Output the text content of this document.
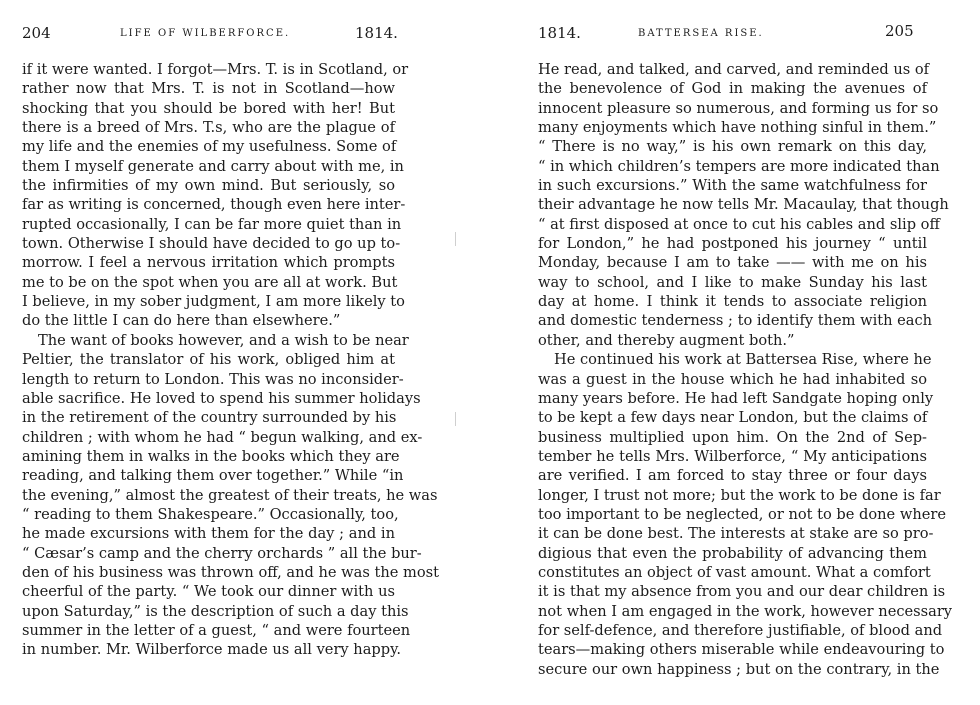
204	LIFE OF WILBERFORCE.	1814.
if it were wanted. I forgot—Mrs. T. is in Scotland, or
rather now that Mrs. T. is not in Scotland—how
shocking that you should be bored with her! But
there is a breed of Mrs. T.s, who are the plague of
my life and the enemies of my usefulness. Some of
them I myself generate and carry about with me, in
the infirmities of my own mind. But seriously, so
far as writing is concerned, though even here inter-
rupted occasionally, I can be far more quiet than in
town. Otherwise I should have decided to go up to-
morrow. I feel a nervous irritation which prompts
me to be on the spot when you are all at work. But
I believe, in my sober judgment, I am more likely to
do the little I can do here than elsewhere.”
The want of books however, and a wish to be near
Peltier, the translator of his work, obliged him at
length to return to London. This was no inconsider-
able sacrifice. He loved to spend his summer holidays
in the retirement of the country surrounded by his
children ; with whom he had “ begun walking, and ex-
amining them in walks in the books which they are
reading, and talking them over together.” While “in
the evening,” almost the greatest of their treats, he was
“ reading to them Shakespeare.” Occasionally, too,
he made excursions with them for the day ; and in
“ Cæsar’s camp and the cherry orchards ” all the bur-
den of his business was thrown off, and he was the most
cheerful of the party. “ We took our dinner with us
upon Saturday,” is the description of such a day this
summer in the letter of a guest, “ and were fourteen
in number. Mr. Wilberforce made us all very happy.
1814.	BATTERSEA RISE.	205
He read, and talked, and carved, and reminded us of
the benevolence of God in making the avenues of
innocent pleasure so numerous, and forming us for so
many enjoyments which have nothing sinful in them.”
“ There is no way,” is his own remark on this day,
“ in which children’s tempers are more indicated than
in such excursions.” With the same watchfulness for
their advantage he now tells Mr. Macaulay, that though
“ at first disposed at once to cut his cables and slip off
for London,” he had postponed his journey “ until
Monday, because I am to take —— with me on his
way to school, and I like to make Sunday his last
day at home. I think it tends to associate religion
and domestic tenderness ; to identify them with each
other, and thereby augment both.”
He continued his work at Battersea Rise, where he
was a guest in the house which he had inhabited so
many years before. He had left Sandgate hoping only
to be kept a few days near London, but the claims of
business multiplied upon him. On the 2nd of Sep-
tember he tells Mrs. Wilberforce, “ My anticipations
are verified. I am forced to stay three or four days
longer, I trust not more; but the work to be done is far
too important to be neglected, or not to be done where
it can be done best. The interests at stake are so pro-
digious that even the probability of advancing them
constitutes an object of vast amount. What a comfort
it is that my absence from you and our dear children is
not when I am engaged in the work, however necessary
for self-defence, and therefore justifiable, of blood and
tears—making others miserable while endeavouring to
secure our own happiness ; but on the contrary, in the
